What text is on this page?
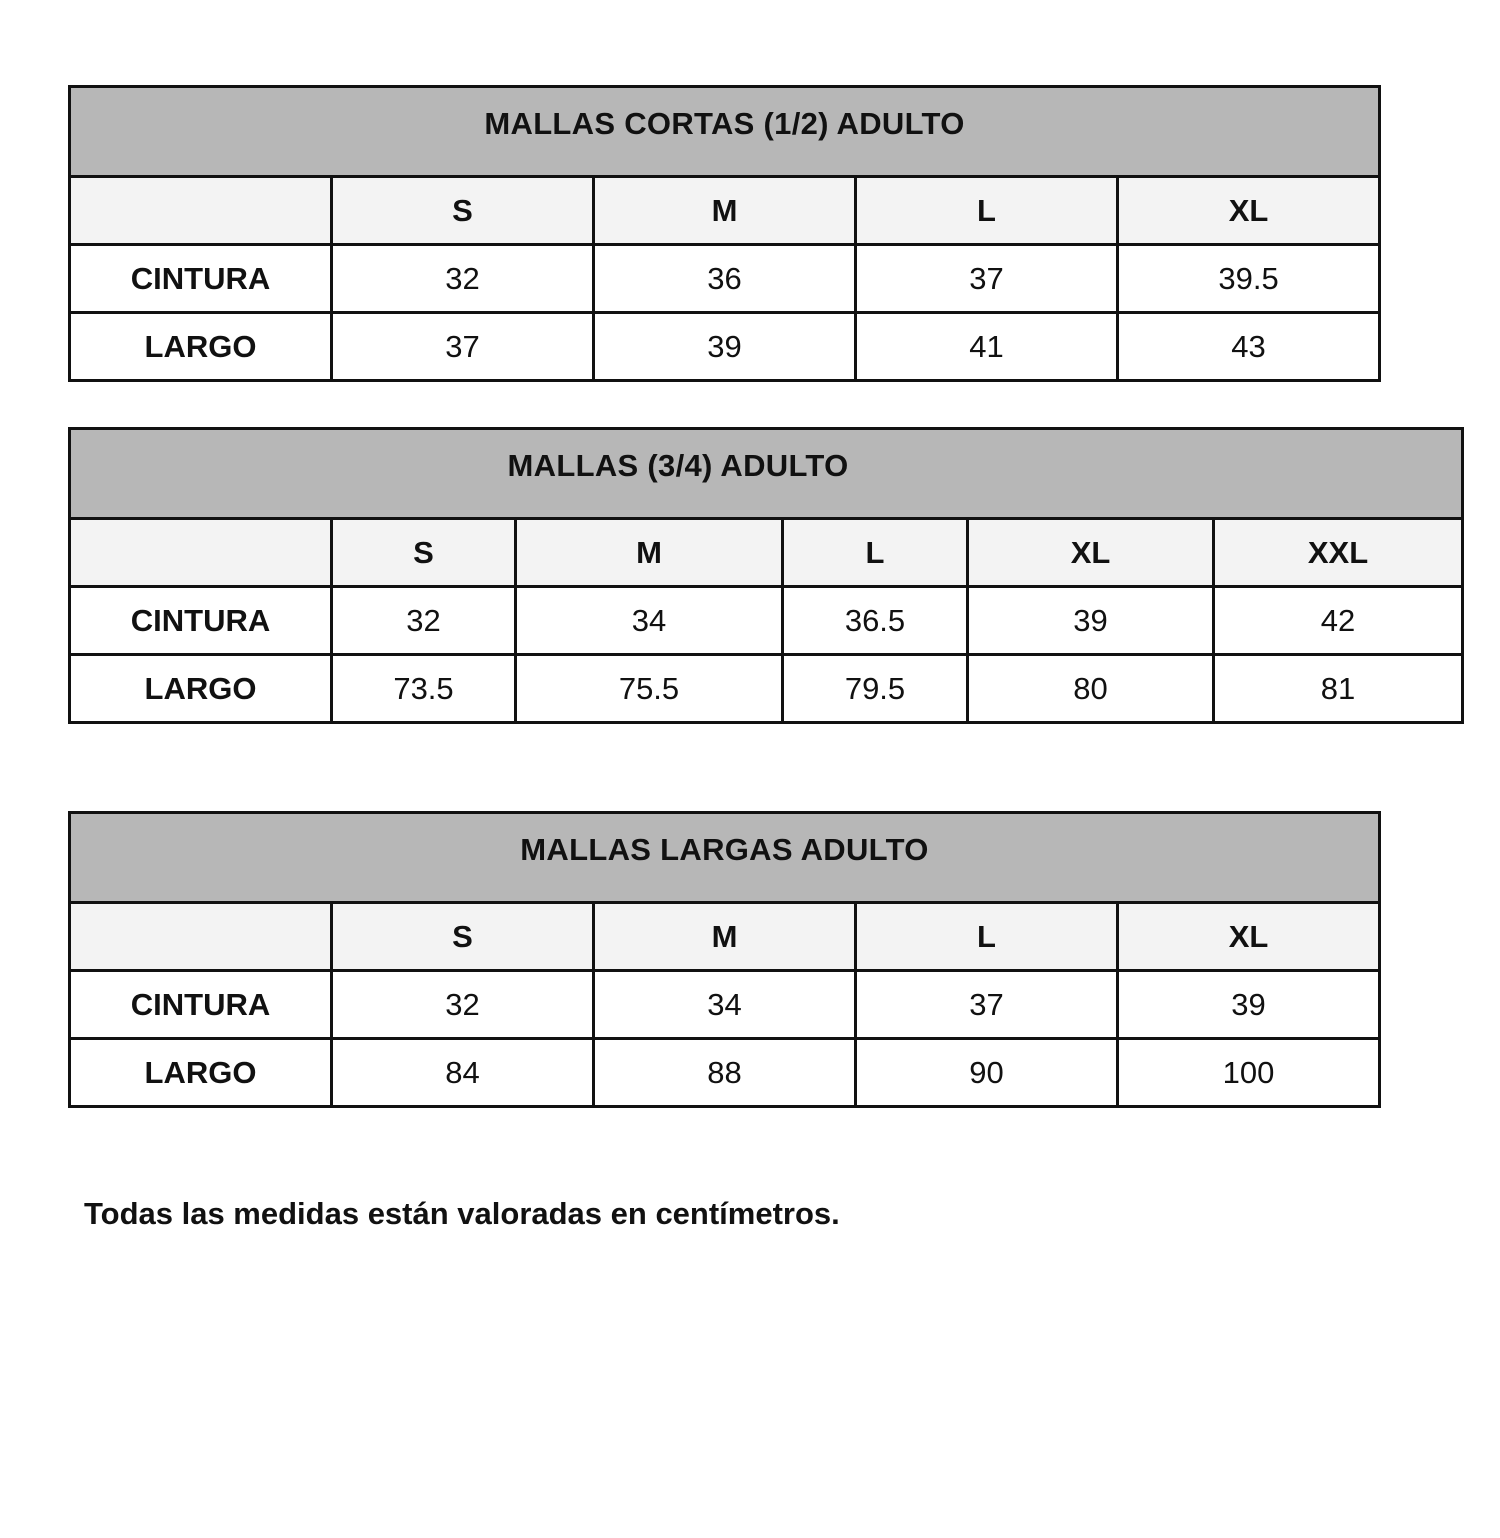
MALLAS CORTAS (1/2) ADULTO				

	S	M	L	XL
CINTURA	32	36	37	39.5
LARGO	37	39	41	43
MALLAS (3/4) ADULTO					

	S	M	L	XL	XXL
CINTURA	32	34	36.5	39	42
LARGO	73.5	75.5	79.5	80	81
MALLAS LARGAS ADULTO				

	S	M	L	XL
CINTURA	32	34	37	39
LARGO	84	88	90	100

Todas las medidas están valoradas en centímetros.
